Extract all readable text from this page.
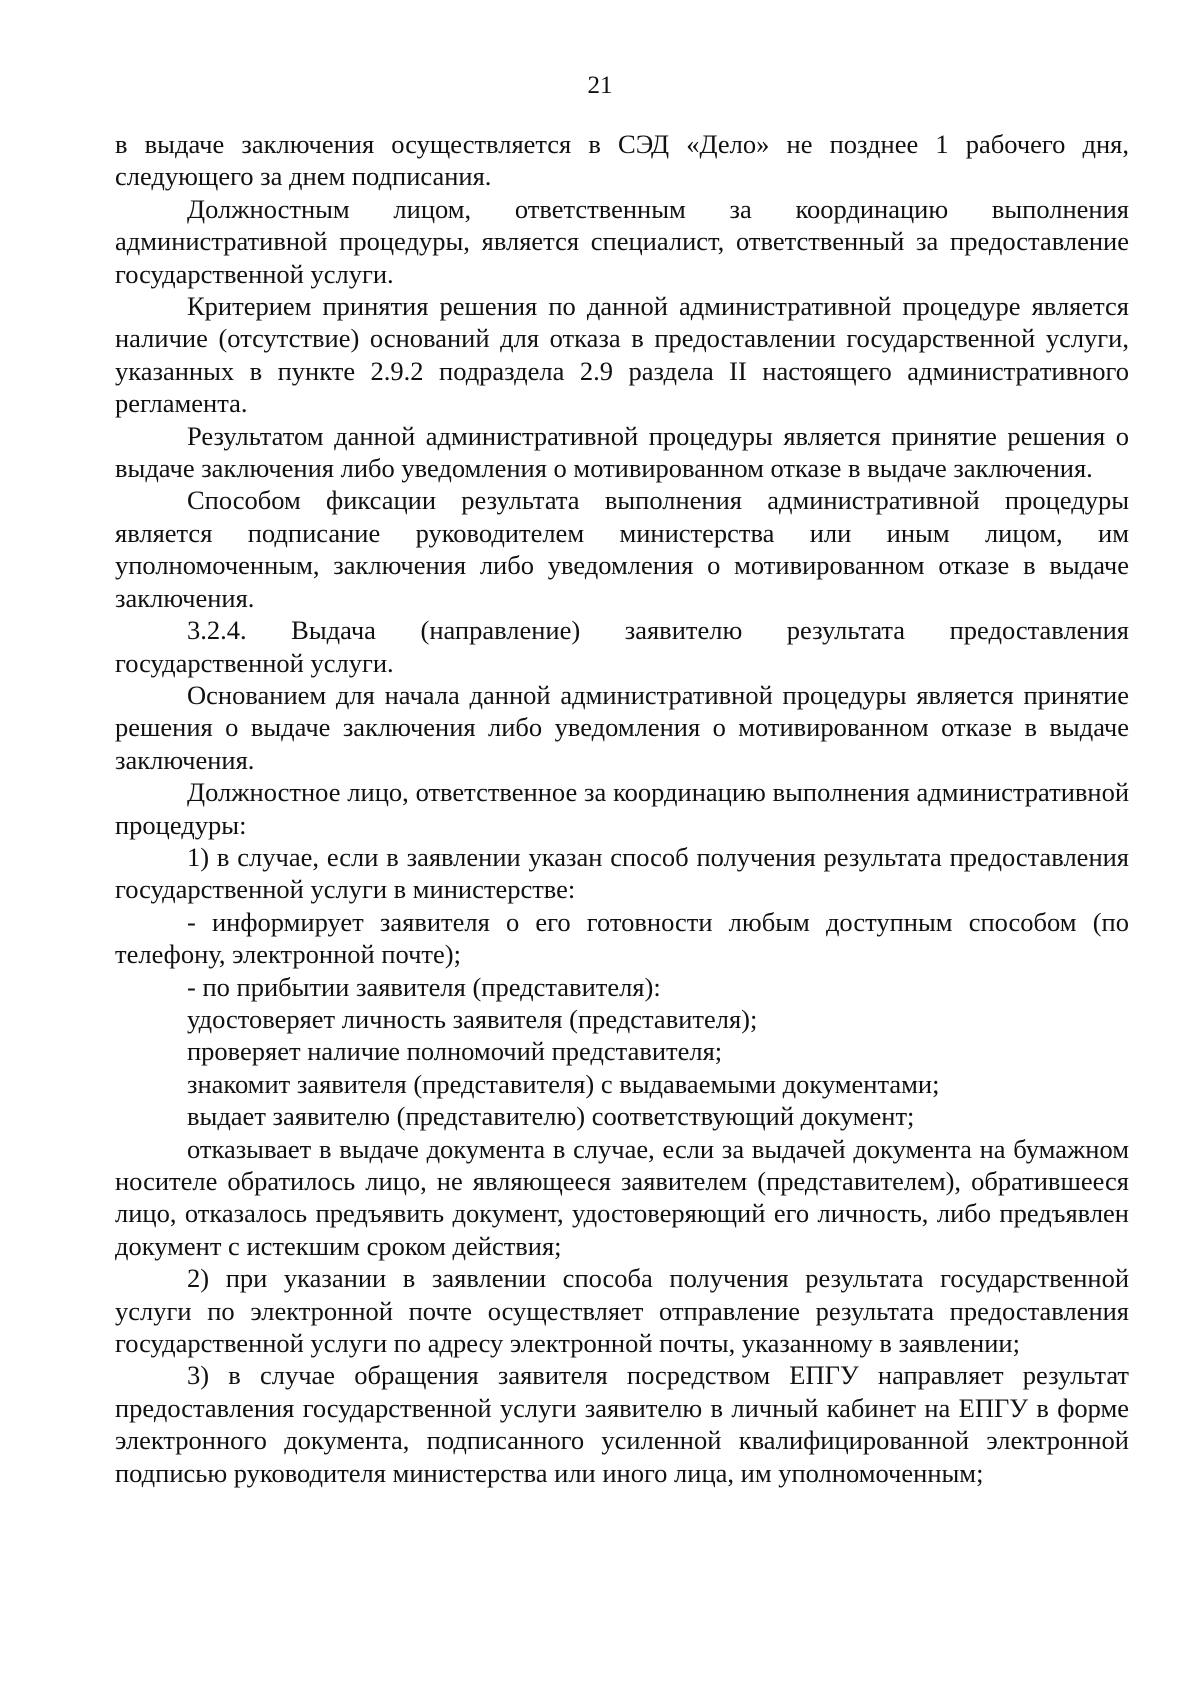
21

в выдаче заключения осуществляется в СЭД «Дело» не позднее 1 рабочего дня, следующего за днем подписания.

Должностным лицом, ответственным за координацию выполнения административной процедуры, является специалист, ответственный за предоставление государственной услуги.

Критерием принятия решения по данной административной процедуре является наличие (отсутствие) оснований для отказа в предоставлении государственной услуги, указанных в пункте 2.9.2 подраздела 2.9 раздела II настоящего административного регламента.

Результатом данной административной процедуры является принятие решения о выдаче заключения либо уведомления о мотивированном отказе в выдаче заключения.

Способом фиксации результата выполнения административной процедуры является подписание руководителем министерства или иным лицом, им уполномоченным, заключения либо уведомления о мотивированном отказе в выдаче заключения.

3.2.4. Выдача (направление) заявителю результата предоставления государственной услуги.

Основанием для начала данной административной процедуры является принятие решения о выдаче заключения либо уведомления о мотивированном отказе в выдаче заключения.

Должностное лицо, ответственное за координацию выполнения административной процедуры:

1) в случае, если в заявлении указан способ получения результата предоставления государственной услуги в министерстве:

- информирует заявителя о его готовности любым доступным способом (по телефону, электронной почте);

- по прибытии заявителя (представителя):

удостоверяет личность заявителя (представителя);

проверяет наличие полномочий представителя;

знакомит заявителя (представителя) с выдаваемыми документами;

выдает заявителю (представителю) соответствующий документ;

отказывает в выдаче документа в случае, если за выдачей документа на бумажном носителе обратилось лицо, не являющееся заявителем (представителем), обратившееся лицо, отказалось предъявить документ, удостоверяющий его личность, либо предъявлен документ с истекшим сроком действия;

2) при указании в заявлении способа получения результата государственной услуги по электронной почте осуществляет отправление результата предоставления государственной услуги по адресу электронной почты, указанному в заявлении;

3) в случае обращения заявителя посредством ЕПГУ направляет результат предоставления государственной услуги заявителю в личный кабинет на ЕПГУ в форме электронного документа, подписанного усиленной квалифицированной электронной подписью руководителя министерства или иного лица, им уполномоченным;
